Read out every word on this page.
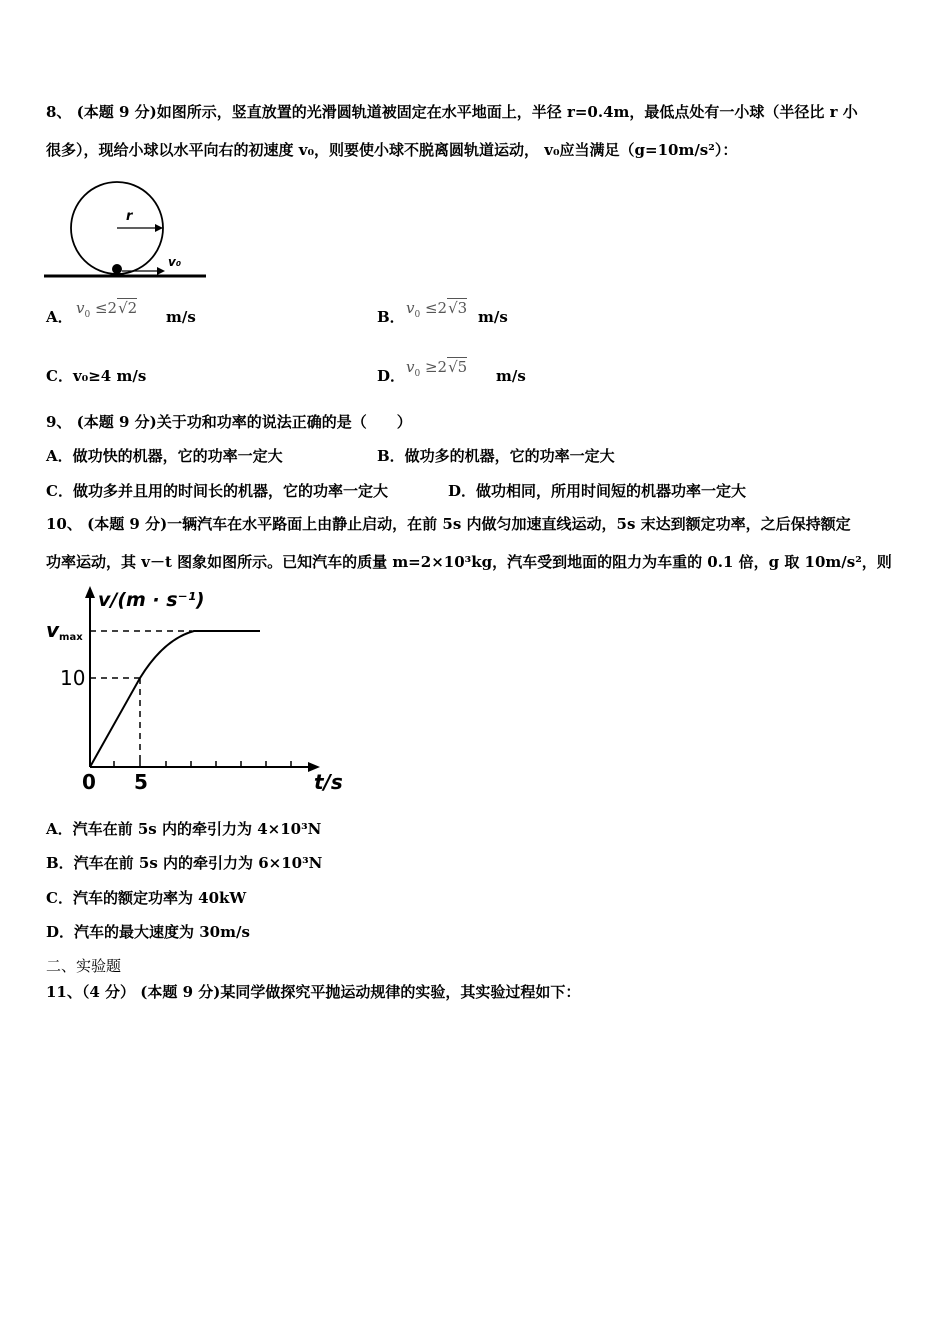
8、 (本题 9 分)如图所示，竖直放置的光滑圆轨道被固定在水平地面上，半径 r=0.4m，最低点处有一小球（半径比 r 小
很多），现给小球以水平向右的初速度 v₀，则要使小球不脱离圆轨道运动， v₀应当满足（g=10m/s²）：
r
v₀
A． $v_0 \le 2√2$ m/s	B． $v_0 \le 2√3$ m/s
C．v₀≥4 m/s	D． $v_0 \ge 2√5$ m/s
9、 (本题 9 分)关于功和功率的说法正确的是（　　）
A．做功快的机器，它的功率一定大	B．做功多的机器，它的功率一定大
C．做功多并且用的时间长的机器，它的功率一定大	D．做功相同，所用时间短的机器功率一定大
10、 (本题 9 分)一辆汽车在水平路面上由静止启动，在前 5s 内做匀加速直线运动，5s 末达到额定功率，之后保持额定
功率运动，其 v－t 图象如图所示。已知汽车的质量 m=2×10³kg，汽车受到地面的阻力为车重的 0.1 倍，g 取 10m/s²，则
v/(m · s⁻¹)
vmax
10
0 5	t/s
A．汽车在前 5s 内的牵引力为 4×10³N
B．汽车在前 5s 内的牵引力为 6×10³N
C．汽车的额定功率为 40kW
D．汽车的最大速度为 30m/s
二、实验题
11、（4 分） (本题 9 分)某同学做探究平抛运动规律的实验，其实验过程如下：
